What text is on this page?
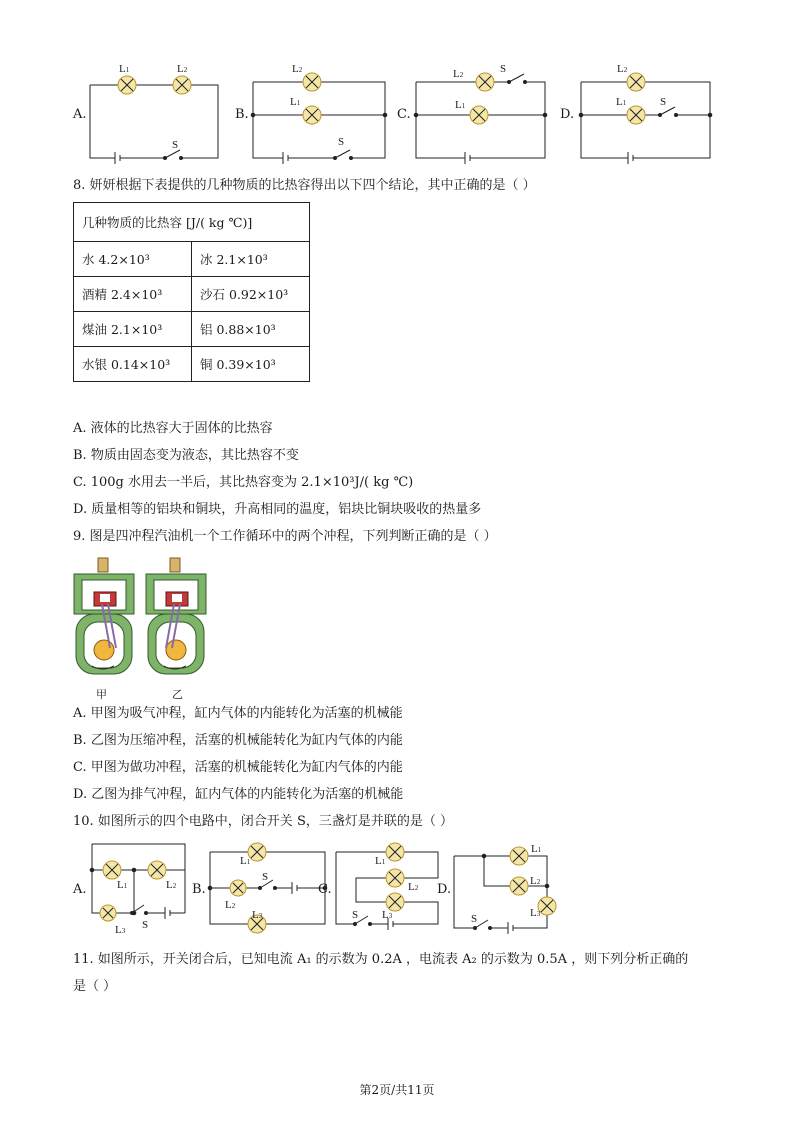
L1	L2
S
L2
L1
S
L2
L1
S	L2
L1	S
A.	B.	C.	D.
8. 妍妍根据下表提供的几种物质的比热容得出以下四个结论，其中正确的是（ ）
几种物质的比热容 [J/( kg ℃)]	
水 4.2×10³	冰 2.1×10³
酒精 2.4×10³	沙石 0.92×10³
煤油 2.1×10³	铝 0.88×10³
水银 0.14×10³	铜 0.39×10³
A. 液体的比热容大于固体的比热容
B. 物质由固态变为液态，其比热容不变
C. 100g 水用去一半后，其比热容变为 2.1×10³J/( kg ℃)
D. 质量相等的铝块和铜块，升高相同的温度，铝块比铜块吸收的热量多
9. 图是四冲程汽油机一个工作循环中的两个冲程，下列判断正确的是（ ）
甲	乙
A. 甲图为吸气冲程，缸内气体的内能转化为活塞的机械能
B. 乙图为压缩冲程，活塞的机械能转化为缸内气体的内能
C. 甲图为做功冲程，活塞的机械能转化为缸内气体的内能
D. 乙图为排气冲程，缸内气体的内能转化为活塞的机械能
10. 如图所示的四个电路中，闭合开关 S，三盏灯是并联的是（ ）
L1	L2
L3 S
L1
L2
L3
S
L1
L2
L3
S
L1
L2
L3
S
A.	B.	C.	D.
11. 如图所示，开关闭合后，已知电流 A₁ 的示数为 0.2A ，电流表 A₂ 的示数为 0.5A ，则下列分析正确的
是（ ）
第2页/共11页
